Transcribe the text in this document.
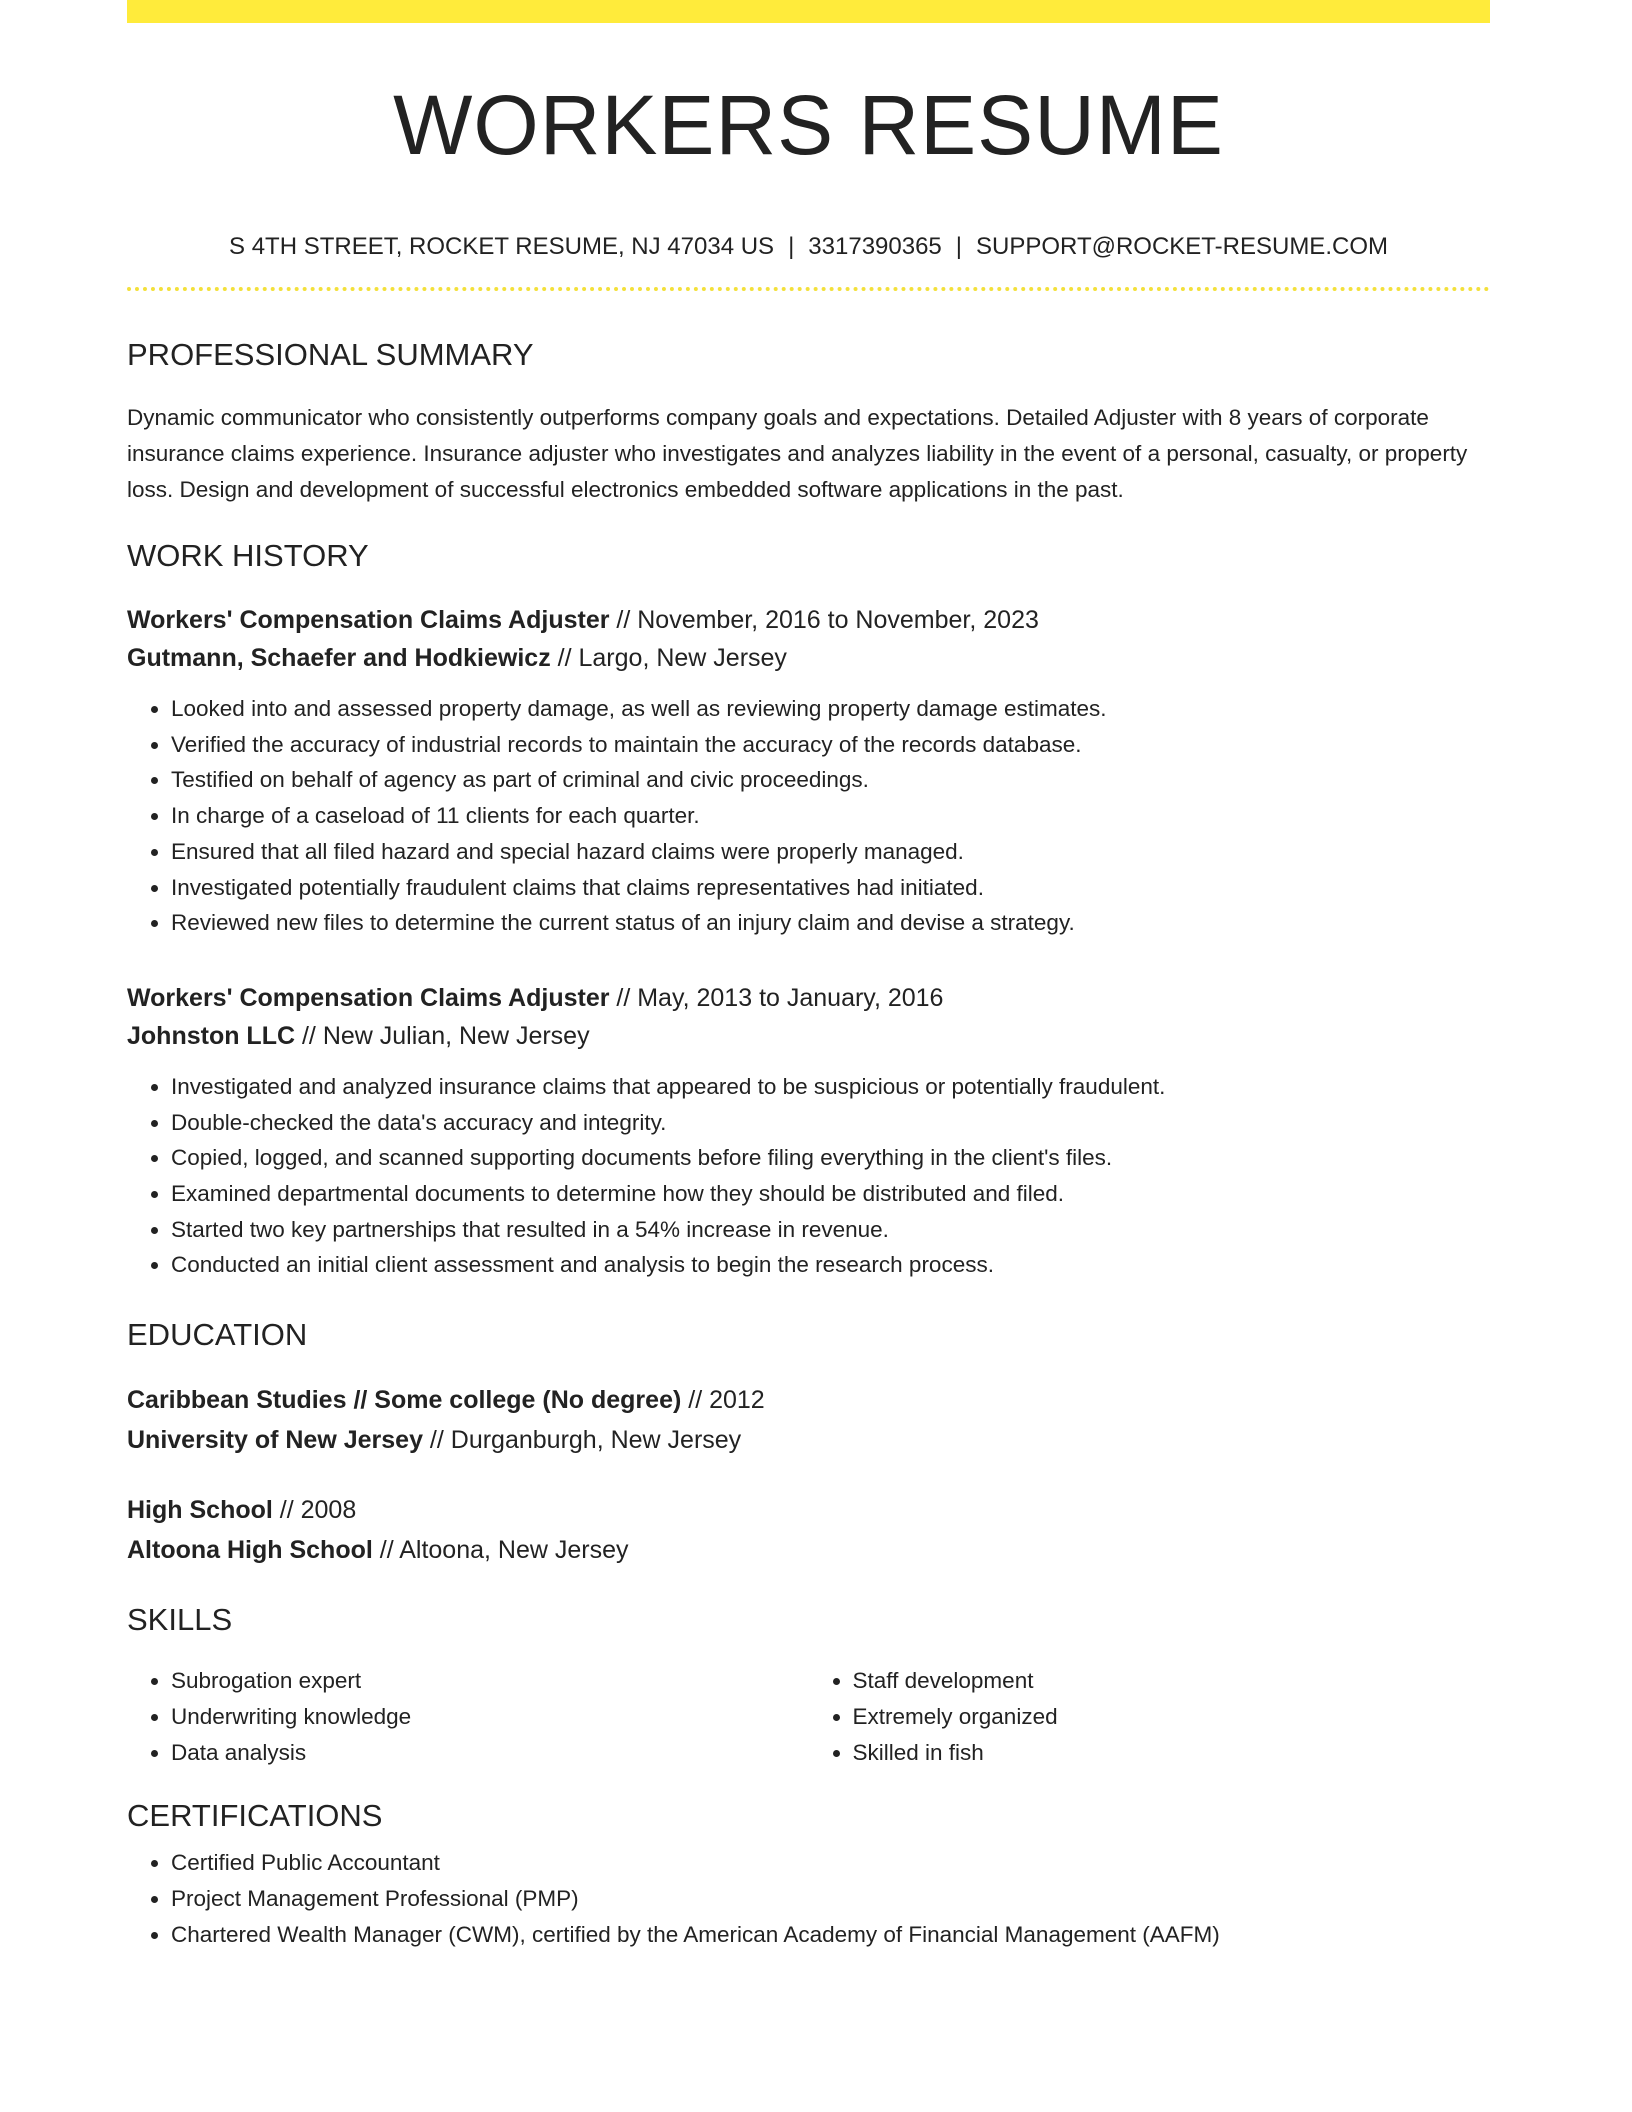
WORKERS RESUME
S 4TH STREET, ROCKET RESUME, NJ 47034 US | 3317390365 | SUPPORT@ROCKET-RESUME.COM
PROFESSIONAL SUMMARY
Dynamic communicator who consistently outperforms company goals and expectations. Detailed Adjuster with 8 years of corporate insurance claims experience. Insurance adjuster who investigates and analyzes liability in the event of a personal, casualty, or property loss. Design and development of successful electronics embedded software applications in the past.
WORK HISTORY
Workers' Compensation Claims Adjuster // November, 2016 to November, 2023
Gutmann, Schaefer and Hodkiewicz // Largo, New Jersey
• Looked into and assessed property damage, as well as reviewing property damage estimates.
• Verified the accuracy of industrial records to maintain the accuracy of the records database.
• Testified on behalf of agency as part of criminal and civic proceedings.
• In charge of a caseload of 11 clients for each quarter.
• Ensured that all filed hazard and special hazard claims were properly managed.
• Investigated potentially fraudulent claims that claims representatives had initiated.
• Reviewed new files to determine the current status of an injury claim and devise a strategy.
Workers' Compensation Claims Adjuster // May, 2013 to January, 2016
Johnston LLC // New Julian, New Jersey
• Investigated and analyzed insurance claims that appeared to be suspicious or potentially fraudulent.
• Double-checked the data's accuracy and integrity.
• Copied, logged, and scanned supporting documents before filing everything in the client's files.
• Examined departmental documents to determine how they should be distributed and filed.
• Started two key partnerships that resulted in a 54% increase in revenue.
• Conducted an initial client assessment and analysis to begin the research process.
EDUCATION
Caribbean Studies // Some college (No degree) // 2012
University of New Jersey // Durganburgh, New Jersey
High School // 2008
Altoona High School // Altoona, New Jersey
SKILLS
• Subrogation expert
• Underwriting knowledge
• Data analysis
• Staff development
• Extremely organized
• Skilled in fish
CERTIFICATIONS
• Certified Public Accountant
• Project Management Professional (PMP)
• Chartered Wealth Manager (CWM), certified by the American Academy of Financial Management (AAFM)
